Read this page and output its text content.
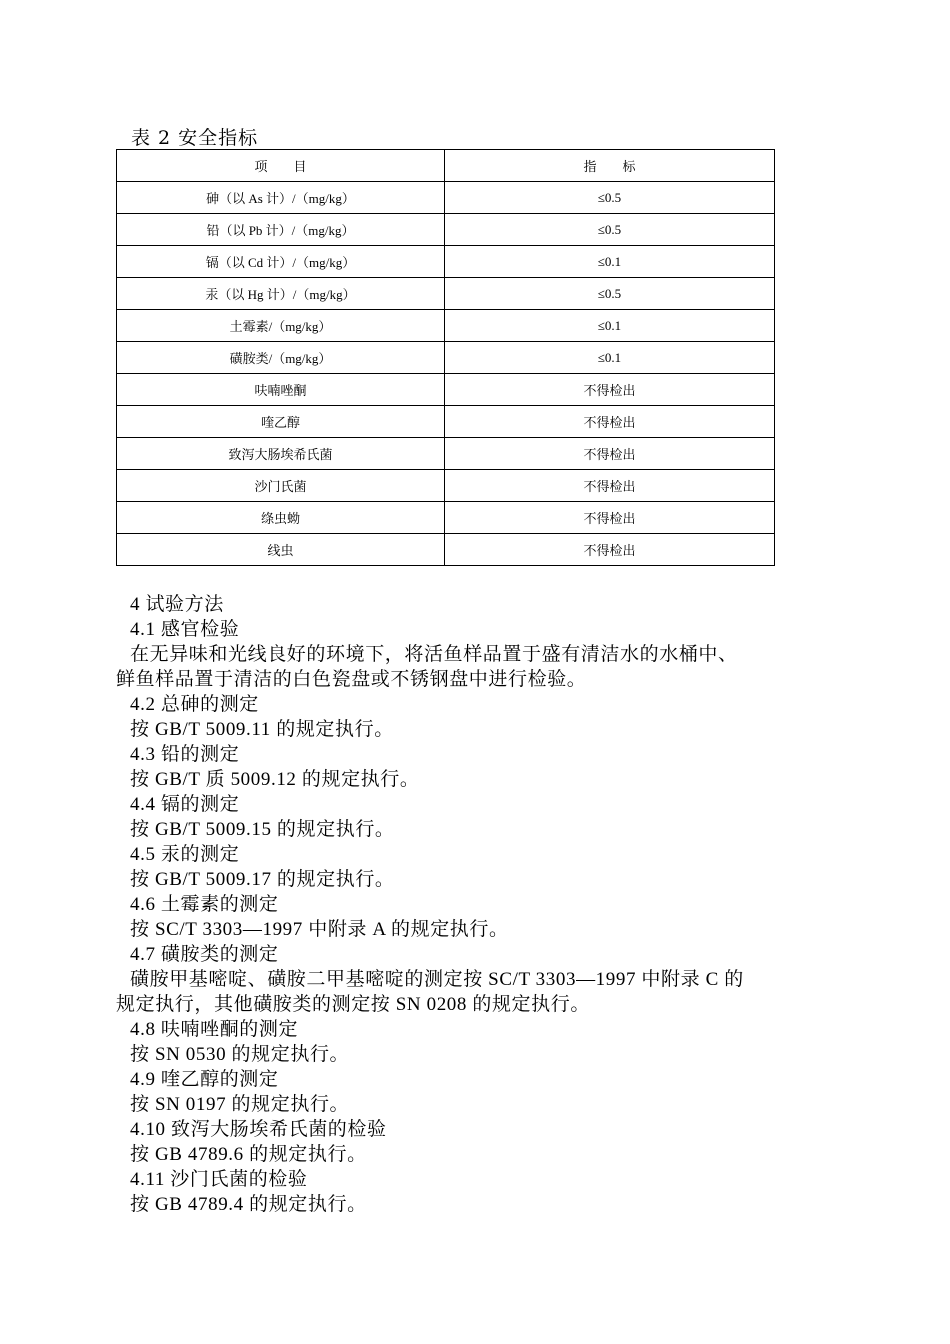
表 2 安全指标
项　　目	指　　标
砷（以 As 计）/（mg/kg）	≤0.5
铅（以 Pb 计）/（mg/kg）	≤0.5
镉（以 Cd 计）/（mg/kg）	≤0.1
汞（以 Hg 计）/（mg/kg）	≤0.5
土霉素/（mg/kg）	≤0.1
磺胺类/（mg/kg）	≤0.1
呋喃唑酮	不得检出
喹乙醇	不得检出
致泻大肠埃希氏菌	不得检出
沙门氏菌	不得检出
绦虫蚴	不得检出
线虫	不得检出

4 试验方法

4.1 感官检验

在无异味和光线良好的环境下，将活鱼样品置于盛有清洁水的水桶中、

鲜鱼样品置于清洁的白色瓷盘或不锈钢盘中进行检验。

4.2 总砷的测定

按 GB/T 5009.11 的规定执行。

4.3 铅的测定

按 GB/T 质 5009.12 的规定执行。

4.4 镉的测定

按 GB/T 5009.15 的规定执行。

4.5 汞的测定

按 GB/T 5009.17 的规定执行。

4.6 土霉素的测定

按 SC/T 3303—1997 中附录 A 的规定执行。

4.7 磺胺类的测定

磺胺甲基嘧啶、磺胺二甲基嘧啶的测定按 SC/T 3303—1997 中附录 C 的

规定执行，其他磺胺类的测定按 SN 0208 的规定执行。

4.8 呋喃唑酮的测定

按 SN 0530 的规定执行。

4.9 喹乙醇的测定

按 SN 0197 的规定执行。

4.10 致泻大肠埃希氏菌的检验

按 GB 4789.6 的规定执行。

4.11 沙门氏菌的检验

按 GB 4789.4 的规定执行。
